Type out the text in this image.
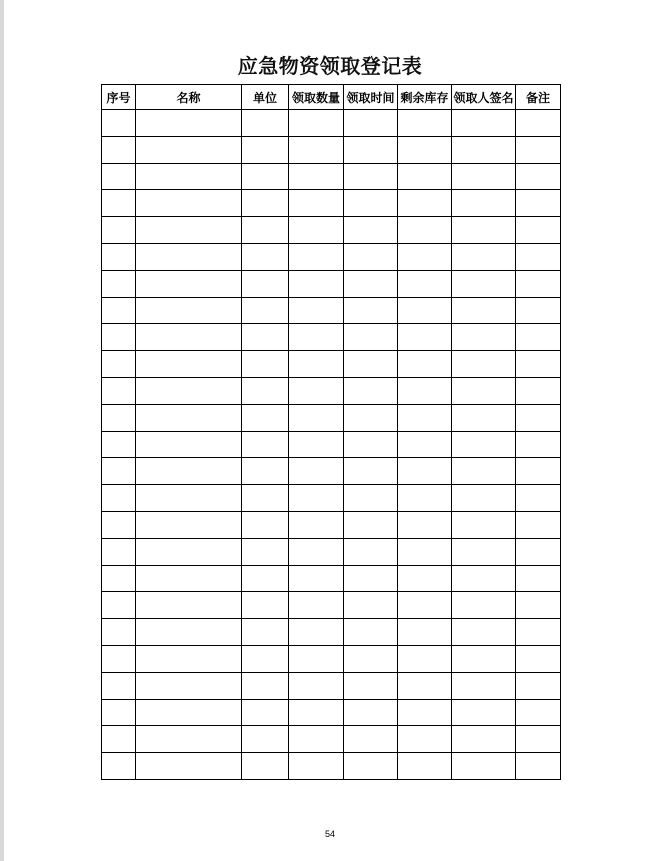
应急物资领取登记表
序号	名称	单位	领取数量	领取时间	剩余库存	领取人签名	备注

54
